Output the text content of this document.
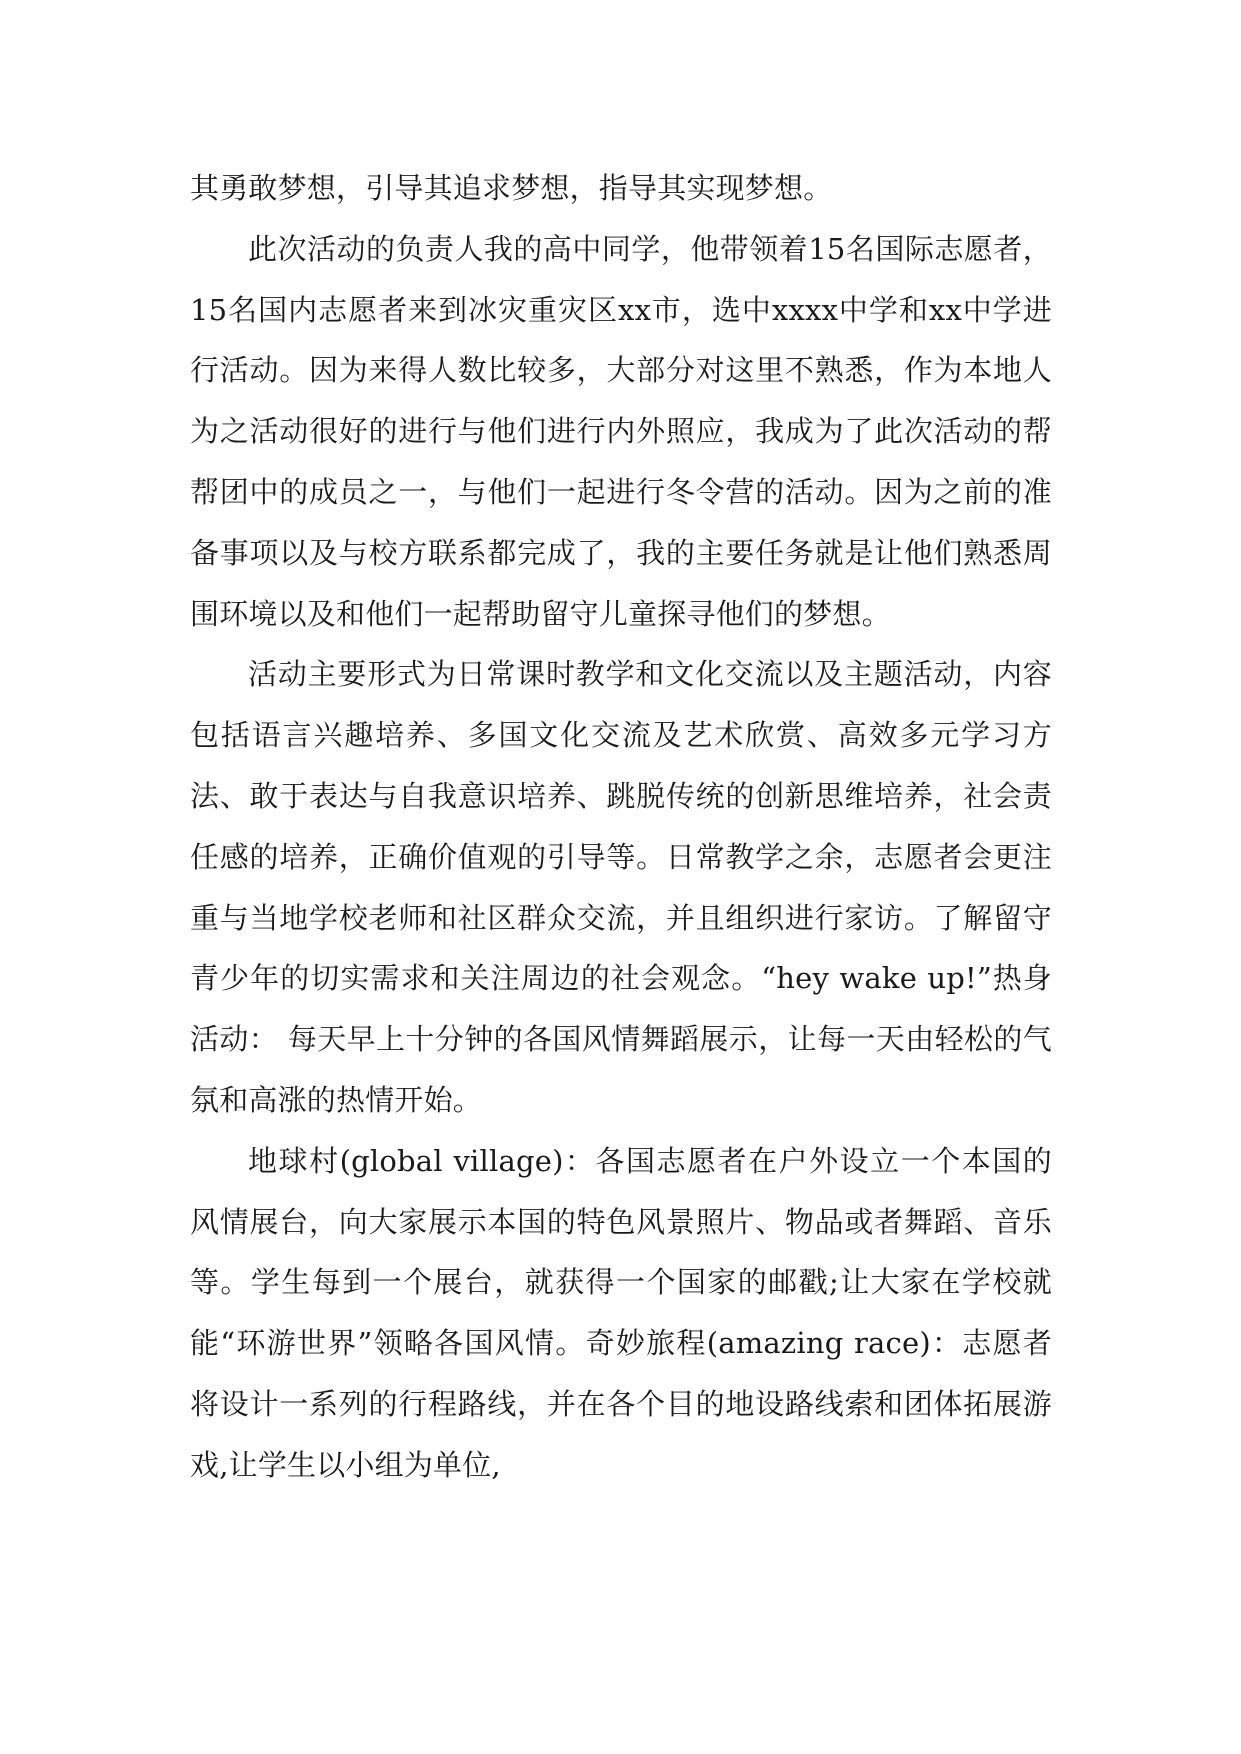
其勇敢梦想，引导其追求梦想，指导其实现梦想。

此次活动的负责人我的高中同学，他带领着15名国际志愿者，15名国内志愿者来到冰灾重灾区xx市，选中xxxx中学和xx中学进行活动。因为来得人数比较多，大部分对这里不熟悉，作为本地人为之活动很好的进行与他们进行内外照应，我成为了此次活动的帮帮团中的成员之一，与他们一起进行冬令营的活动。因为之前的准备事项以及与校方联系都完成了，我的主要任务就是让他们熟悉周围环境以及和他们一起帮助留守儿童探寻他们的梦想。

活动主要形式为日常课时教学和文化交流以及主题活动，内容包括语言兴趣培养、多国文化交流及艺术欣赏、高效多元学习方法、敢于表达与自我意识培养、跳脱传统的创新思维培养，社会责任感的培养，正确价值观的引导等。日常教学之余，志愿者会更注重与当地学校老师和社区群众交流，并且组织进行家访。了解留守青少年的切实需求和关注周边的社会观念。“hey wake up!”热身活动： 每天早上十分钟的各国风情舞蹈展示，让每一天由轻松的气氛和高涨的热情开始。

地球村(global village)：各国志愿者在户外设立一个本国的风情展台，向大家展示本国的特色风景照片、物品或者舞蹈、音乐等。学生每到一个展台，就获得一个国家的邮戳;让大家在学校就能“环游世界”领略各国风情。奇妙旅程(amazing race)：志愿者将设计一系列的行程路线，并在各个目的地设路线索和团体拓展游戏,让学生以小组为单位,
